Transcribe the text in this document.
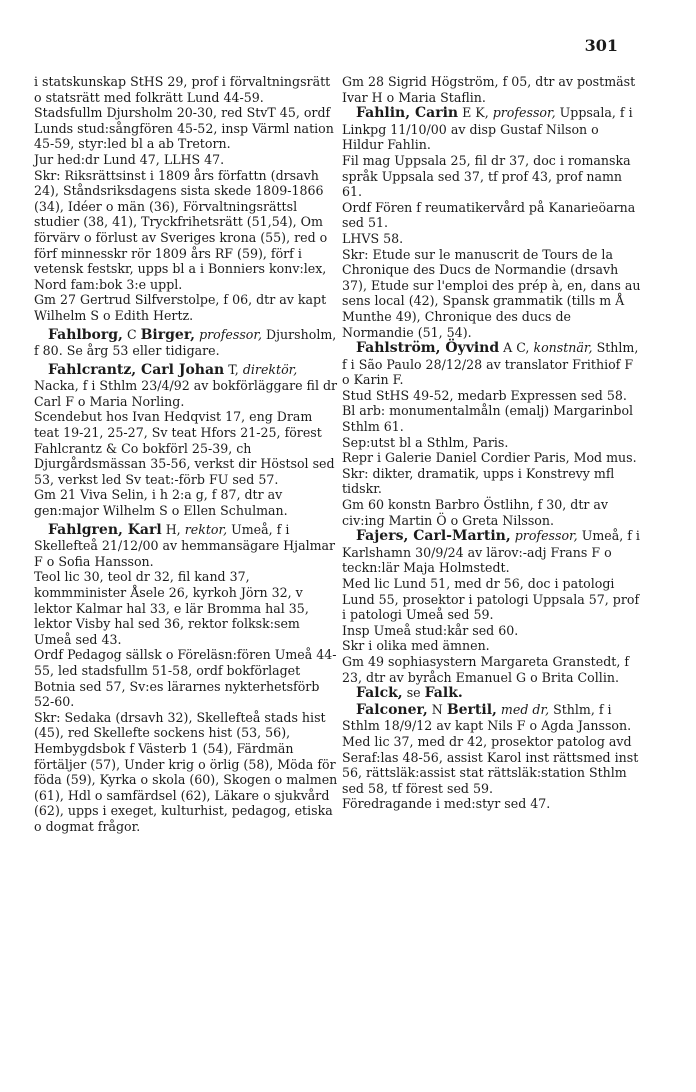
301

i statskunskap StHS 29, prof i förvaltningsrätt o statsrätt med folkrätt Lund 44-59.

Stadsfullm Djursholm 20-30, red StvT 45, ordf Lunds stud:sångfören 45-52, insp Värml nation 45-59, styr:led bl a ab Tretorn.

Jur hed:dr Lund 47, LLHS 47.

Skr: Riksrättsinst i 1809 års författn (drsavh 24), Ståndsriksdagens sista skede 1809-1866 (34), Idéer o män (36), Förvaltningsrättsl studier (38, 41), Tryckfrihetsrätt (51,54), Om förvärv o förlust av Sveriges krona (55), red o förf minnesskr rör 1809 års RF (59), förf i vetensk festskr, upps bl a i Bonniers konv:lex, Nord fam:bok 3:e uppl.

Gm 27 Gertrud Silfverstolpe, f 06, dtr av kapt Wilhelm S o Edith Hertz.

Fahlborg, C Birger, professor, Djursholm, f 80. Se årg 53 eller tidigare.

Fahlcrantz, Carl Johan T, direktör, Nacka, f i Sthlm 23/4/92 av bokförläggare fil dr Carl F o Maria Norling.

Scendebut hos Ivan Hedqvist 17, eng Dram teat 19-21, 25-27, Sv teat Hfors 21-25, förest Fahlcrantz & Co bokförl 25-39, ch Djurgårdsmässan 35-56, verkst dir Höstsol sed 53, verkst led Sv teat:-förb FU sed 57.

Gm 21 Viva Selin, i h 2:a g, f 87, dtr av gen:major Wilhelm S o Ellen Schulman.

Fahlgren, Karl H, rektor, Umeå, f i Skellefteå 21/12/00 av hemmansägare Hjalmar F o Sofia Hansson.

Teol lic 30, teol dr 32, fil kand 37, kommminister Åsele 26, kyrkoh Jörn 32, v lektor Kalmar hal 33, e lär Bromma hal 35, lektor Visby hal sed 36, rektor folksk:sem Umeå sed 43.

Ordf Pedagog sällsk o Föreläsn:fören Umeå 44-55, led stadsfullm 51-58, ordf bokförlaget Botnia sed 57, Sv:es lärarnes nykterhetsförb 52-60.

Skr: Sedaka (drsavh 32), Skellefteå stads hist (45), red Skellefte sockens hist (53, 56), Hembygdsbok f Västerb 1 (54), Färdmän förtäljer (57), Under krig o örlig (58), Möda för föda (59), Kyrka o skola (60), Skogen o malmen (61), Hdl o samfärdsel (62), Läkare o sjukvård (62), upps i exeget, kulturhist, pedagog, etiska o dogmat frågor.

Gm 28 Sigrid Högström, f 05, dtr av postmäst Ivar H o Maria Staflin.

Fahlin, Carin E K, professor, Uppsala, f i Linkpg 11/10/00 av disp Gustaf Nilson o Hildur Fahlin.

Fil mag Uppsala 25, fil dr 37, doc i romanska språk Uppsala sed 37, tf prof 43, prof namn 61.

Ordf Fören f reumatikervård på Kanarieöarna sed 51.

LHVS 58.

Skr: Etude sur le manuscrit de Tours de la Chronique des Ducs de Normandie (drsavh 37), Etude sur l'emploi des prép à, en, dans au sens local (42), Spansk grammatik (tills m Å Munthe 49), Chronique des ducs de Normandie (51, 54).

Fahlström, Öyvind A C, konstnär, Sthlm, f i São Paulo 28/12/28 av translator Frithiof F o Karin F.

Stud StHS 49-52, medarb Expressen sed 58.

Bl arb: monumentalmåln (emalj) Margarinbol Sthlm 61.

Sep:utst bl a Sthlm, Paris.

Repr i Galerie Daniel Cordier Paris, Mod mus.

Skr: dikter, dramatik, upps i Konstrevy mfl tidskr.

Gm 60 konstn Barbro Östlihn, f 30, dtr av civ:ing Martin Ö o Greta Nilsson.

Fajers, Carl-Martin, professor, Umeå, f i Karlshamn 30/9/24 av lärov:-adj Frans F o teckn:lär Maja Holmstedt.

Med lic Lund 51, med dr 56, doc i patologi Lund 55, prosektor i patologi Uppsala 57, prof i patologi Umeå sed 59.

Insp Umeå stud:kår sed 60.

Skr i olika med ämnen.

Gm 49 sophiasystern Margareta Granstedt, f 23, dtr av byråch Emanuel G o Brita Collin.

Falck, se Falk.

Falconer, N Bertil, med dr, Sthlm, f i Sthlm 18/9/12 av kapt Nils F o Agda Jansson.

Med lic 37, med dr 42, prosektor patolog avd Seraf:las 48-56, assist Karol inst rättsmed inst 56, rättsläk:assist stat rättsläk:station Sthlm sed 58, tf förest sed 59.

Föredragande i med:styr sed 47.
